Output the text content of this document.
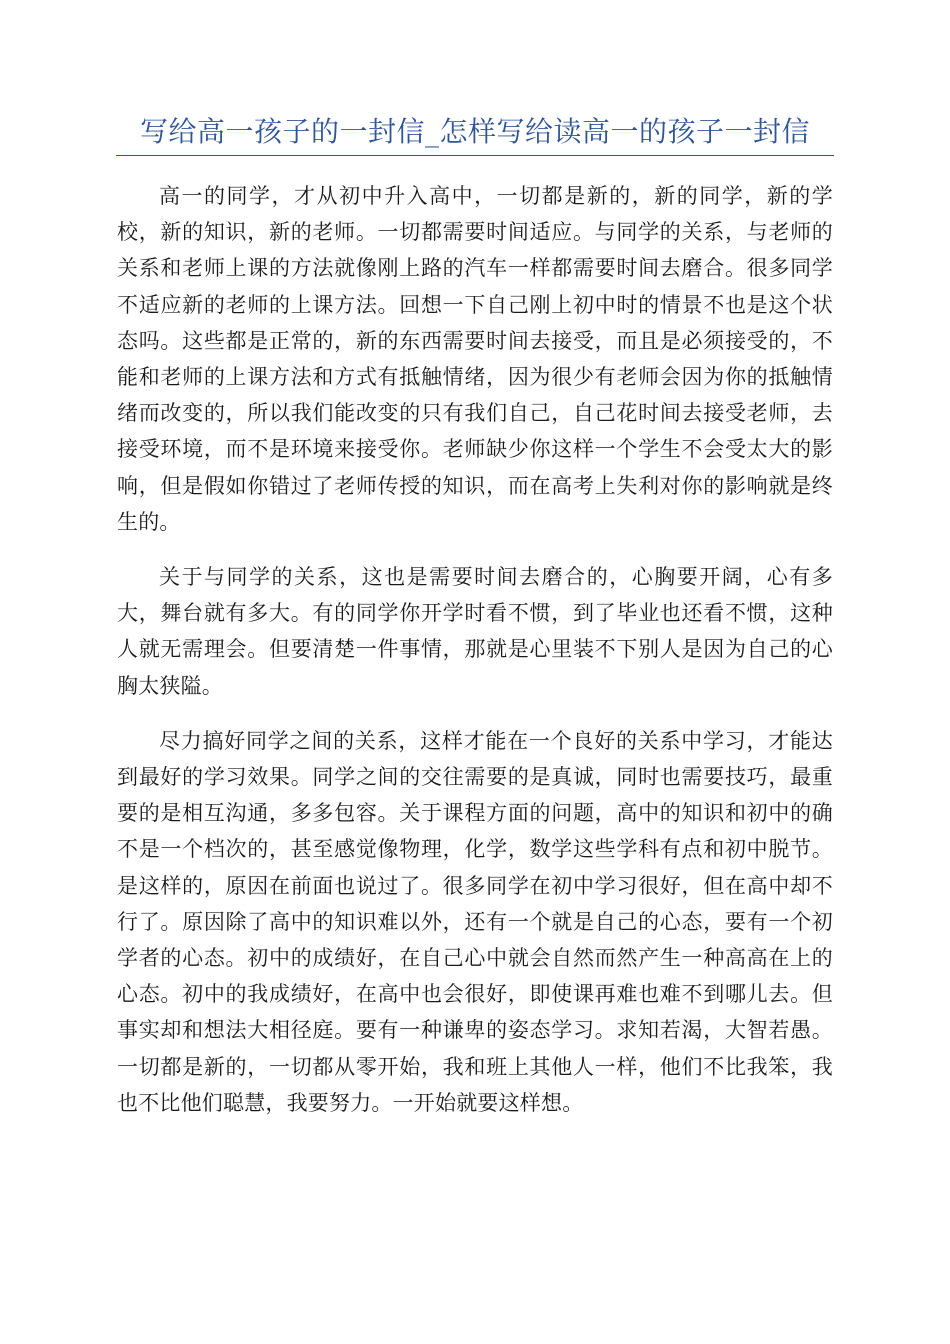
写给高一孩子的一封信_怎样写给读高一的孩子一封信

高一的同学，才从初中升入高中，一切都是新的，新的同学，新的学校，新的知识，新的老师。一切都需要时间适应。与同学的关系，与老师的关系和老师上课的方法就像刚上路的汽车一样都需要时间去磨合。很多同学不适应新的老师的上课方法。回想一下自己刚上初中时的情景不也是这个状态吗。这些都是正常的，新的东西需要时间去接受，而且是必须接受的，不能和老师的上课方法和方式有抵触情绪，因为很少有老师会因为你的抵触情绪而改变的，所以我们能改变的只有我们自己，自己花时间去接受老师，去接受环境，而不是环境来接受你。老师缺少你这样一个学生不会受太大的影响，但是假如你错过了老师传授的知识，而在高考上失利对你的影响就是终生的。

关于与同学的关系，这也是需要时间去磨合的，心胸要开阔，心有多大，舞台就有多大。有的同学你开学时看不惯，到了毕业也还看不惯，这种人就无需理会。但要清楚一件事情，那就是心里装不下别人是因为自己的心胸太狭隘。

尽力搞好同学之间的关系，这样才能在一个良好的关系中学习，才能达到最好的学习效果。同学之间的交往需要的是真诚，同时也需要技巧，最重要的是相互沟通，多多包容。关于课程方面的问题，高中的知识和初中的确不是一个档次的，甚至感觉像物理，化学，数学这些学科有点和初中脱节。是这样的，原因在前面也说过了。很多同学在初中学习很好，但在高中却不行了。原因除了高中的知识难以外，还有一个就是自己的心态，要有一个初学者的心态。初中的成绩好，在自己心中就会自然而然产生一种高高在上的心态。初中的我成绩好，在高中也会很好，即使课再难也难不到哪儿去。但事实却和想法大相径庭。要有一种谦卑的姿态学习。求知若渴，大智若愚。一切都是新的，一切都从零开始，我和班上其他人一样，他们不比我笨，我也不比他们聪慧，我要努力。一开始就要这样想。
